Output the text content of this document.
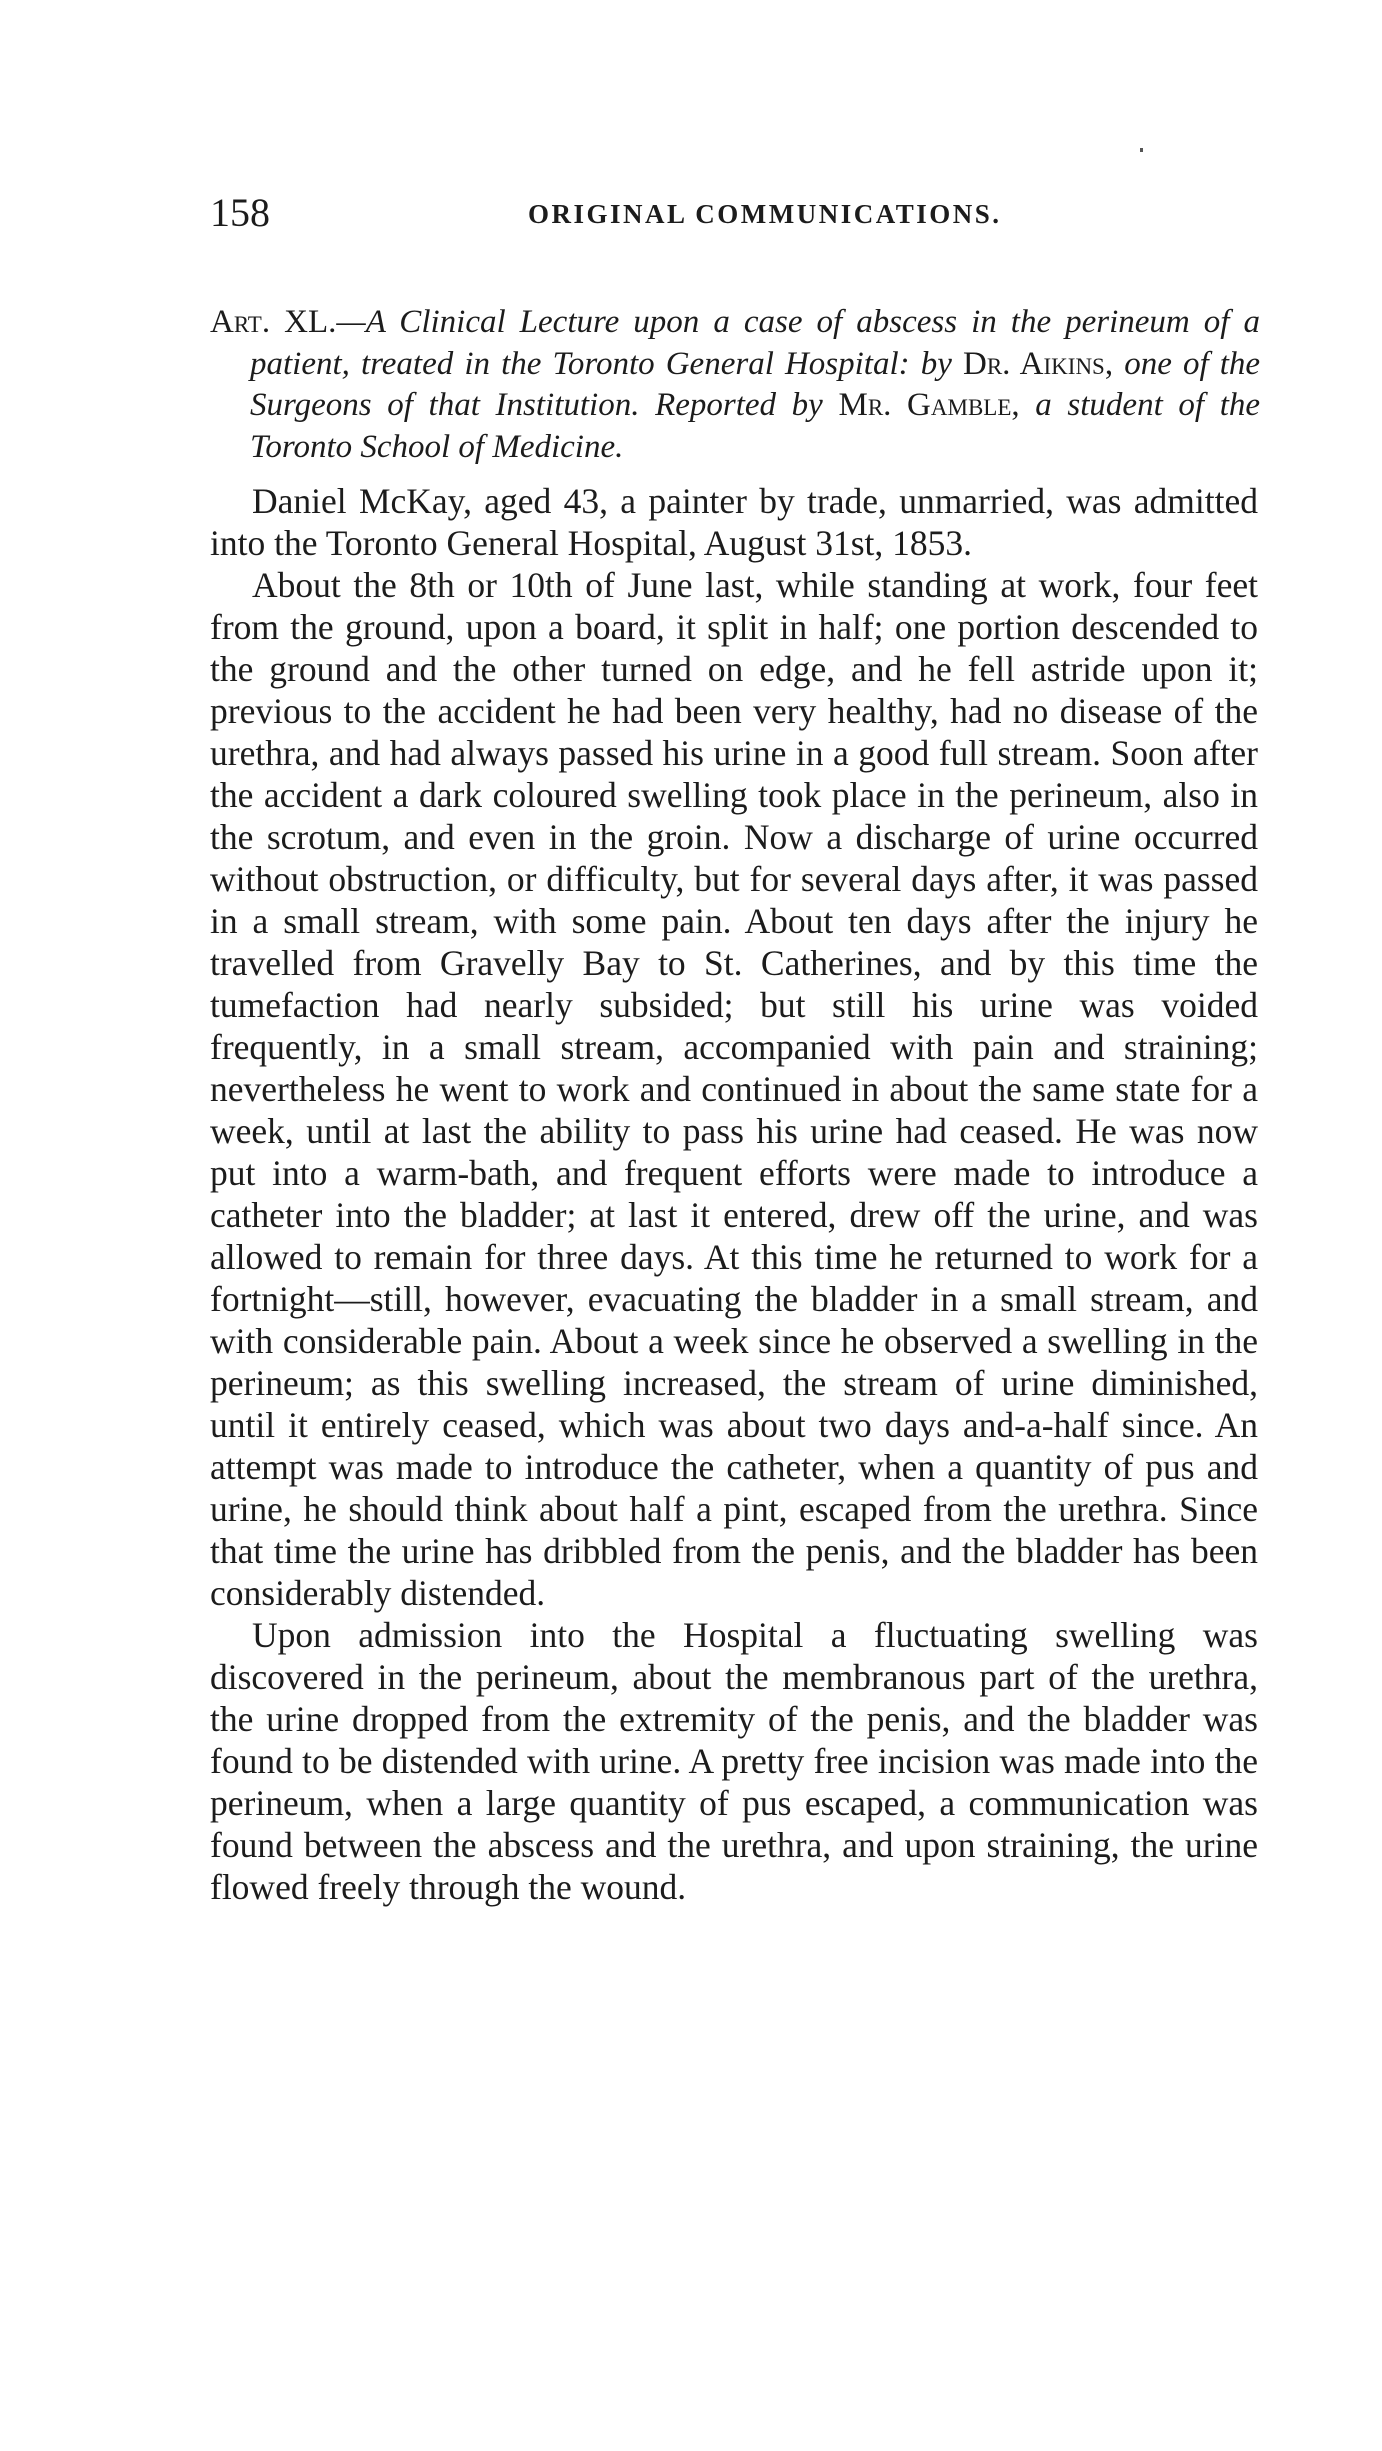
158	ORIGINAL COMMUNICATIONS.
Art. XL.—A Clinical Lecture upon a case of abscess in the perineum of a patient, treated in the Toronto General Hospital: by Dr. Aikins, one of the Surgeons of that Institution. Reported by Mr. Gamble, a student of the Toronto School of Medicine.

Daniel McKay, aged 43, a painter by trade, unmarried, was admitted into the Toronto General Hospital, August 31st, 1853.

About the 8th or 10th of June last, while standing at work, four feet from the ground, upon a board, it split in half; one portion descended to the ground and the other turned on edge, and he fell astride upon it; previous to the accident he had been very healthy, had no disease of the urethra, and had always passed his urine in a good full stream. Soon after the accident a dark coloured swelling took place in the perineum, also in the scrotum, and even in the groin. Now a discharge of urine occurred without obstruction, or difficulty, but for several days after, it was passed in a small stream, with some pain. About ten days after the injury he travelled from Gravelly Bay to St. Catherines, and by this time the tumefaction had nearly subsided; but still his urine was voided frequently, in a small stream, accompanied with pain and straining; nevertheless he went to work and continued in about the same state for a week, until at last the ability to pass his urine had ceased. He was now put into a warm-bath, and frequent efforts were made to introduce a catheter into the bladder; at last it entered, drew off the urine, and was allowed to remain for three days. At this time he returned to work for a fortnight—still, however, evacuating the bladder in a small stream, and with considerable pain. About a week since he observed a swelling in the perineum; as this swelling increased, the stream of urine diminished, until it entirely ceased, which was about two days and-a-half since. An attempt was made to introduce the catheter, when a quantity of pus and urine, he should think about half a pint, escaped from the urethra. Since that time the urine has dribbled from the penis, and the bladder has been considerably distended.

Upon admission into the Hospital a fluctuating swelling was discovered in the perineum, about the membranous part of the urethra, the urine dropped from the extremity of the penis, and the bladder was found to be distended with urine. A pretty free incision was made into the perineum, when a large quantity of pus escaped, a communication was found between the abscess and the urethra, and upon straining, the urine flowed freely through the wound.
